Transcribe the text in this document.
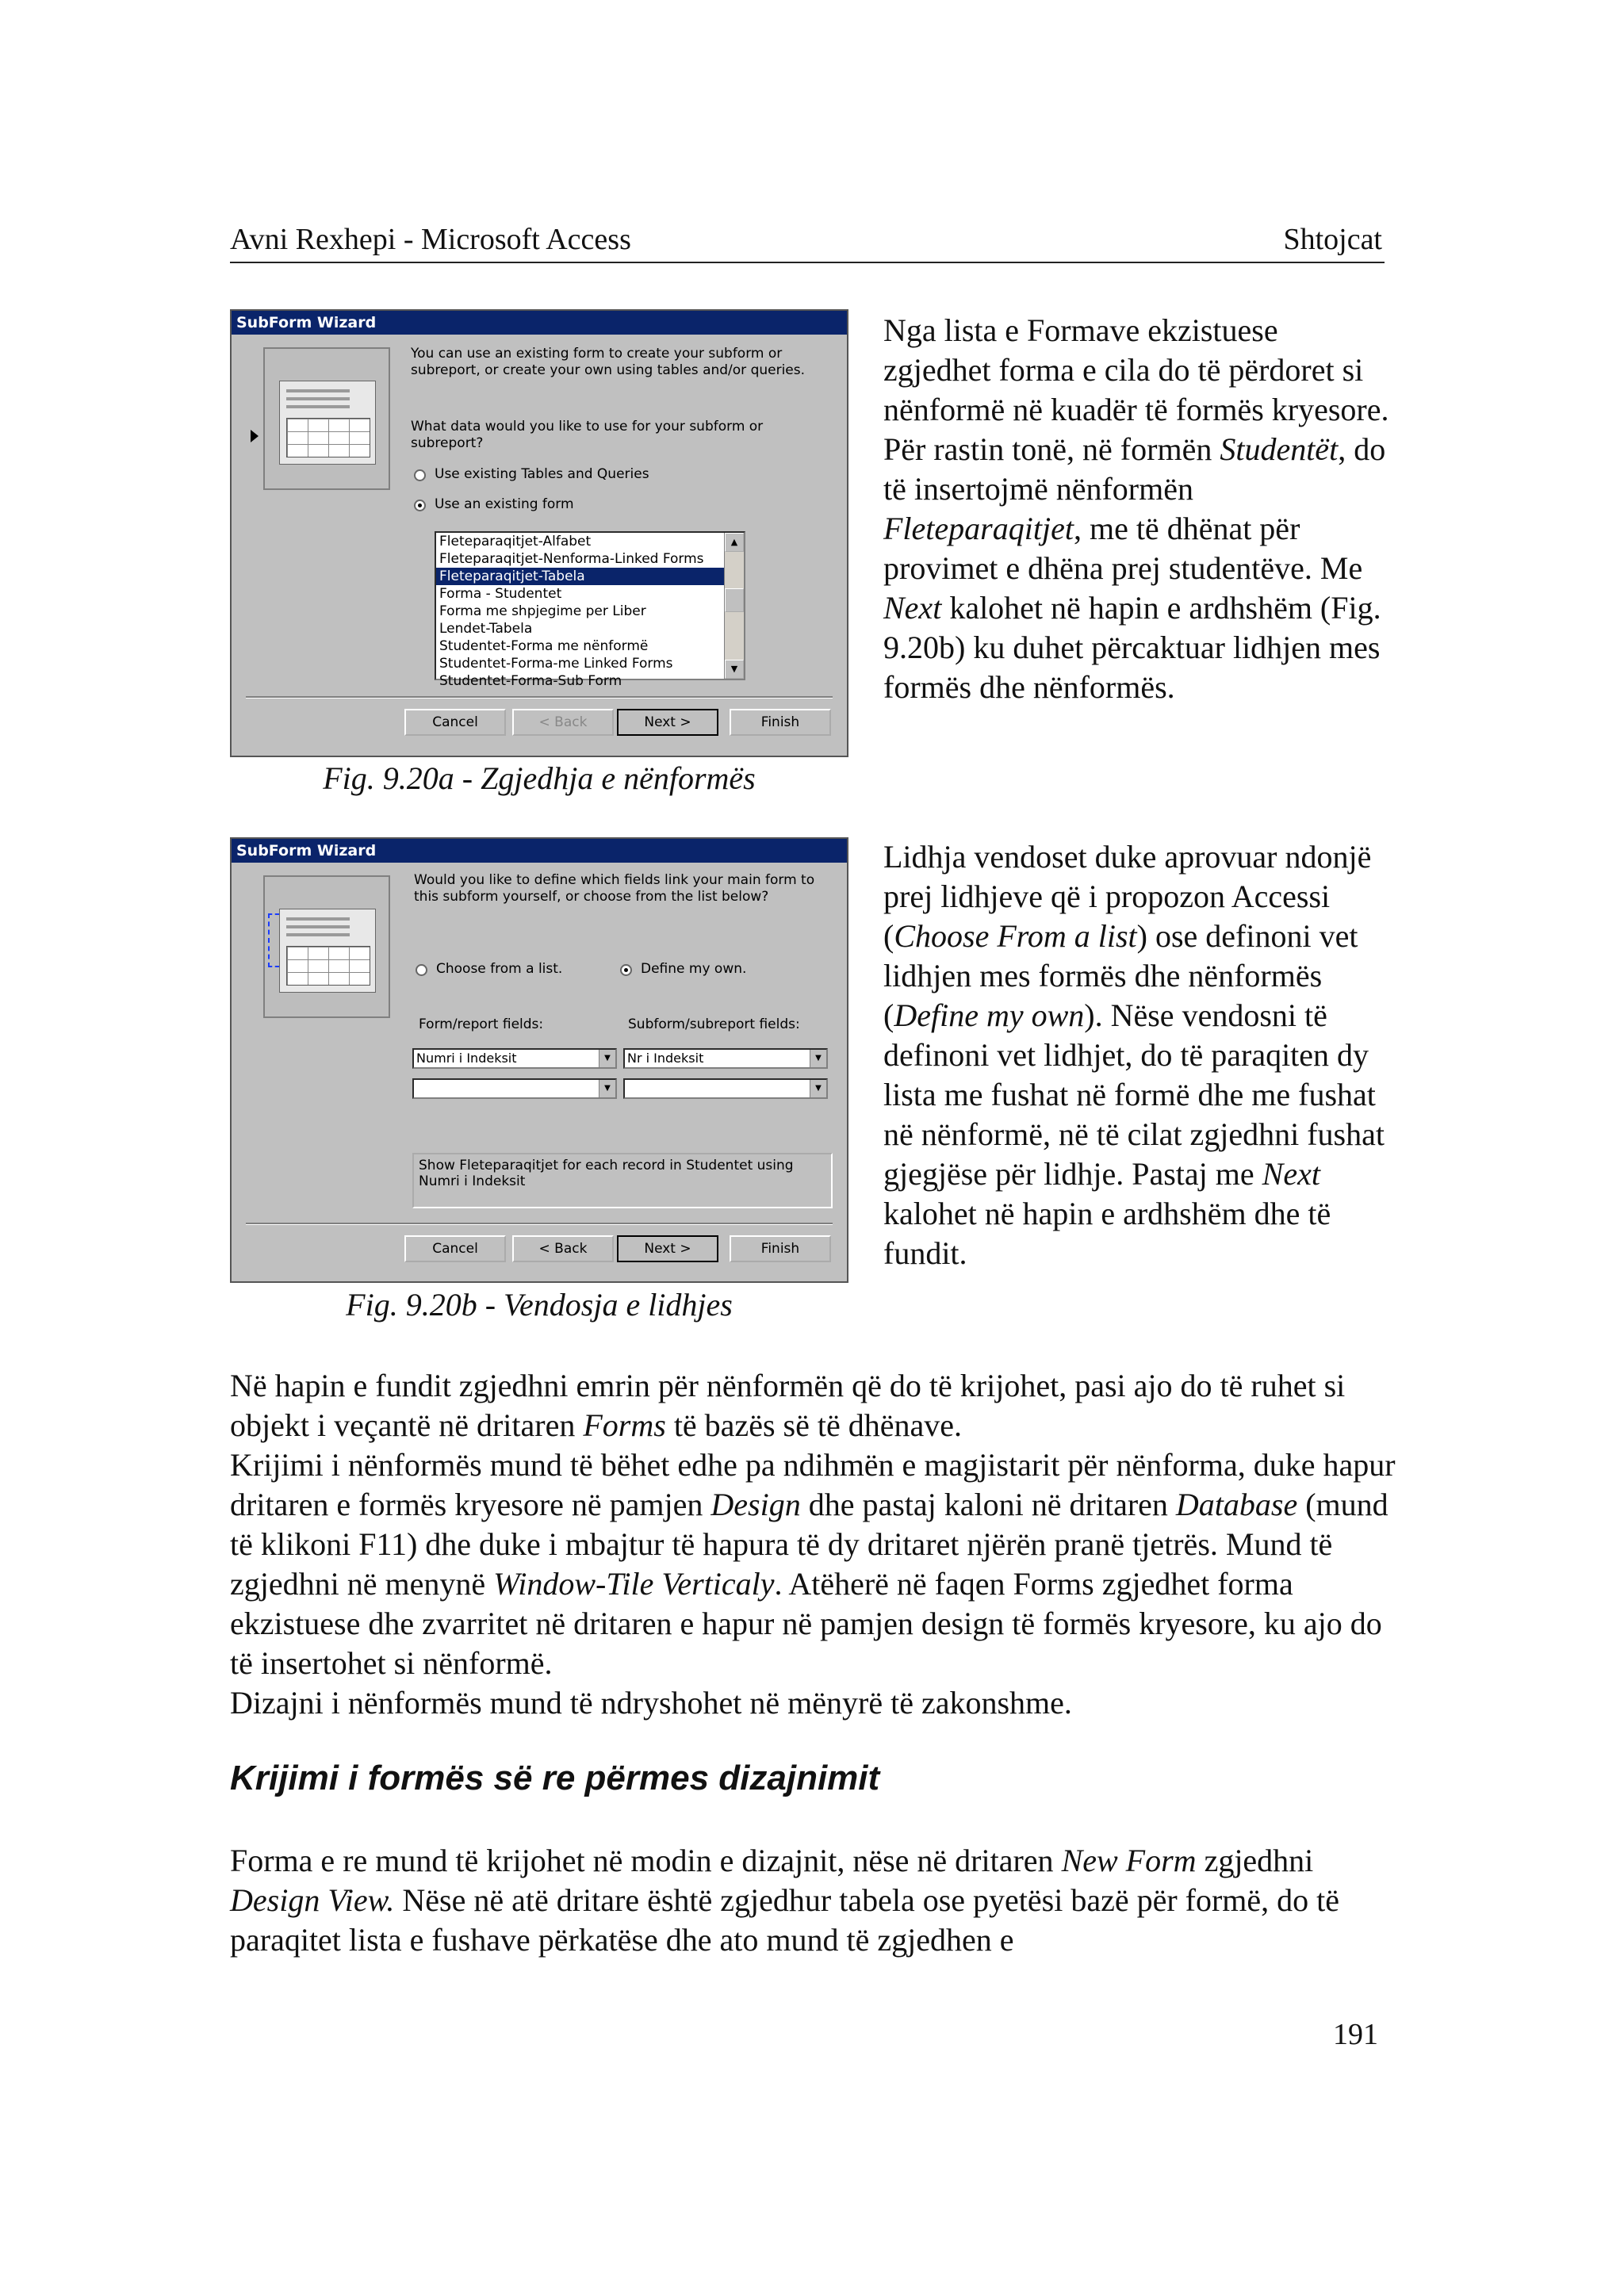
Avni Rexhepi - Microsoft Access	Shtojcat
SubForm Wizard
You can use an existing form to create your subform or subreport, or create your own using tables and/or queries.
What data would you like to use for your subform or subreport?
Use existing Tables and Queries
Use an existing form
Fleteparaqitjet-Alfabet
Fleteparaqitjet-Nenforma-Linked Forms
Fleteparaqitjet-Tabela
Forma - Studentet
Forma me shpjegime per Liber
Lendet-Tabela
Studentet-Forma me nënformë
Studentet-Forma-me Linked Forms
Studentet-Forma-Sub Form
▲
▼
Cancel	< Back	Next >	Finish
Fig. 9.20a - Zgjedhja e nënformës
Nga lista e Formave ekzistuese zgjedhet forma e cila do të përdoret si nënformë në kuadër të formës kryesore. Për rastin tonë, në formën Studentët, do të insertojmë nënformën Fleteparaqitjet, me të dhënat për provimet e dhëna prej studentëve. Me Next kalohet në hapin e ardhshëm (Fig. 9.20b) ku duhet përcaktuar lidhjen mes formës dhe nënformës.
SubForm Wizard
Would you like to define which fields link your main form to this subform yourself, or choose from the list below?
Choose from a list.	Define my own.
Form/report fields:	Subform/subreport fields:
Numri i Indeksit	▼	Nr i Indeksit	▼
▼	▼
Show Fleteparaqitjet for each record in Studentet using Numri i Indeksit
Cancel	< Back	Next >	Finish
Fig. 9.20b - Vendosja e lidhjes
Lidhja vendoset duke aprovuar ndonjë prej lidhjeve që i propozon Accessi (Choose From a list) ose definoni vet lidhjen mes formës dhe nënformës (Define my own). Nëse vendosni të definoni vet lidhjet, do të paraqiten dy lista me fushat në formë dhe me fushat në nënformë, në të cilat zgjedhni fushat gjegjëse për lidhje. Pastaj me Next kalohet në hapin e ardhshëm dhe të fundit.
Në hapin e fundit zgjedhni emrin për nënformën që do të krijohet, pasi ajo do të ruhet si objekt i veçantë në dritaren Forms të bazës së të dhënave.
Krijimi i nënformës mund të bëhet edhe pa ndihmën e magjistarit për nënforma, duke hapur dritaren e formës kryesore në pamjen Design dhe pastaj kaloni në dritaren Database (mund të klikoni F11) dhe duke i mbajtur të hapura të dy dritaret njërën pranë tjetrës. Mund të zgjedhni në menynë Window-Tile Verticaly. Atëherë në faqen Forms zgjedhet forma ekzistuese dhe zvarritet në dritaren e hapur në pamjen design të formës kryesore, ku ajo do të insertohet si nënformë.
Dizajni i nënformës mund të ndryshohet në mënyrë të zakonshme.
Krijimi i formës së re përmes dizajnimit
Forma e re mund të krijohet në modin e dizajnit, nëse në dritaren New Form zgjedhni Design View. Nëse në atë dritare është zgjedhur tabela ose pyetësi bazë për formë, do të paraqitet lista e fushave përkatëse dhe ato mund të zgjedhen e
191
